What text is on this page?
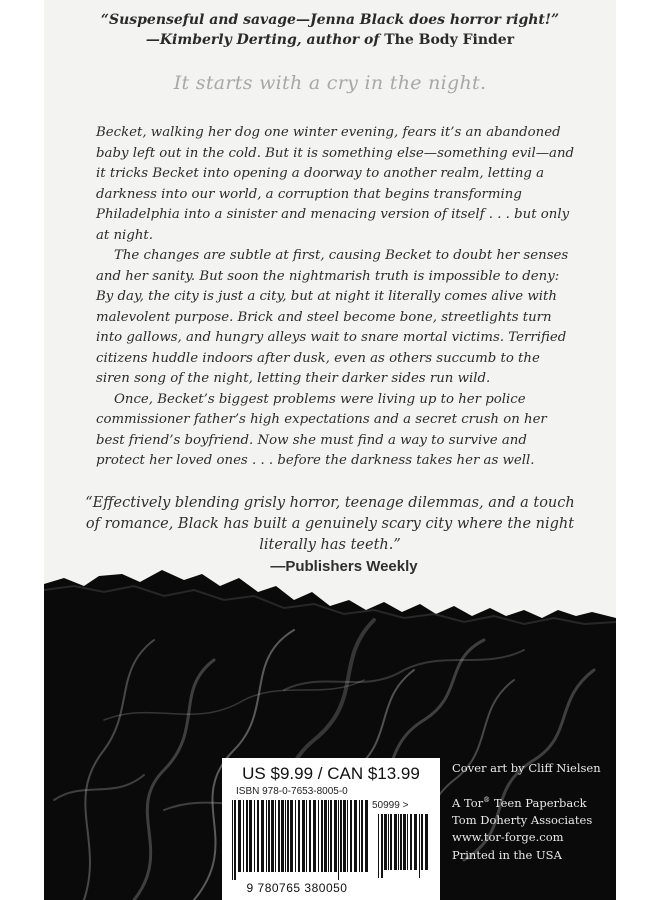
“Suspenseful and savage—Jenna Black does horror right!”
—Kimberly Derting, author of The Body Finder
It starts with a cry in the night.

Becket, walking her dog one winter evening, fears it’s an abandoned baby left out in the cold. But it is something else—something evil—and it tricks Becket into opening a doorway to another realm, letting a darkness into our world, a corruption that begins transforming Philadelphia into a sinister and menacing version of itself . . . but only at night.

The changes are subtle at first, causing Becket to doubt her senses and her sanity. But soon the nightmarish truth is impossible to deny: By day, the city is just a city, but at night it literally comes alive with malevolent purpose. Brick and steel become bone, streetlights turn into gallows, and hungry alleys wait to snare mortal victims. Terrified citizens huddle indoors after dusk, even as others succumb to the siren song of the night, letting their darker sides run wild.

Once, Becket’s biggest problems were living up to her police commissioner father’s high expectations and a secret crush on her best friend’s boyfriend. Now she must find a way to survive and protect her loved ones . . . before the darkness takes her as well.

“Effectively blending grisly horror, teenage dilemmas, and a touch of romance, Black has built a genuinely scary city where the night literally has teeth.”
—Publishers Weekly
US $9.99 / CAN $13.99
ISBN 978-0-7653-8005-0
50999 >
9 780765 380050
Cover art by Cliff Nielsen
A Tor® Teen Paperback
Tom Doherty Associates
www.tor-forge.com
Printed in the USA
